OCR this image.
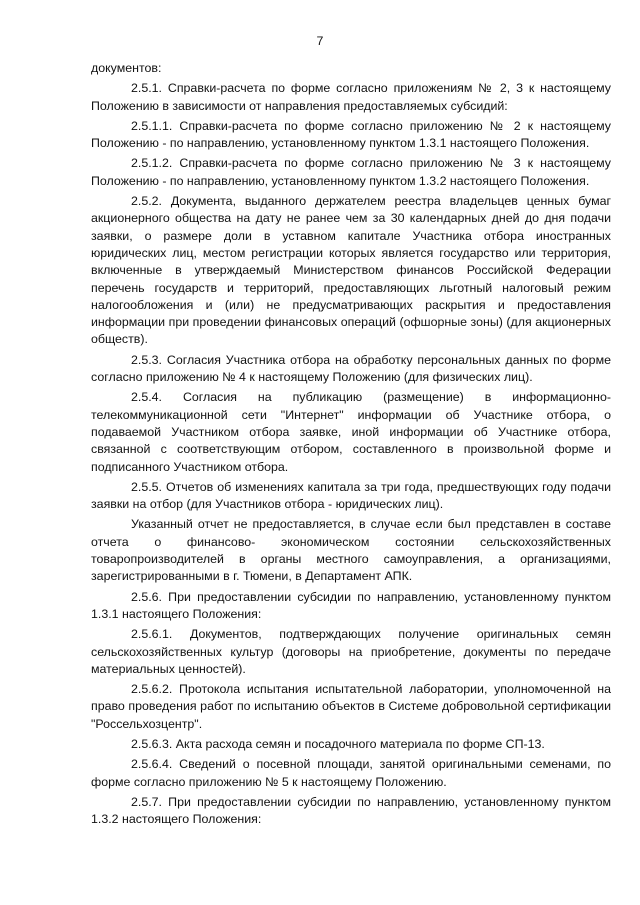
7

документов:

2.5.1. Справки-расчета по форме согласно приложениям № 2, 3 к настоящему Положению в зависимости от направления предоставляемых субсидий:

2.5.1.1. Справки-расчета по форме согласно приложению № 2 к настоящему Положению - по направлению, установленному пунктом 1.3.1 настоящего Положения.

2.5.1.2. Справки-расчета по форме согласно приложению № 3 к настоящему Положению - по направлению, установленному пунктом 1.3.2 настоящего Положения.

2.5.2. Документа, выданного держателем реестра владельцев ценных бумаг акционерного общества на дату не ранее чем за 30 календарных дней до дня подачи заявки, о размере доли в уставном капитале Участника отбора иностранных юридических лиц, местом регистрации которых является государство или территория, включенные в утверждаемый Министерством финансов Российской Федерации перечень государств и территорий, предоставляющих льготный налоговый режим налогообложения и (или) не предусматривающих раскрытия и предоставления информации при проведении финансовых операций (офшорные зоны) (для акционерных обществ).

2.5.3. Согласия Участника отбора на обработку персональных данных по форме согласно приложению № 4 к настоящему Положению (для физических лиц).

2.5.4. Согласия на публикацию (размещение) в информационно-телекоммуникационной сети "Интернет" информации об Участнике отбора, о подаваемой Участником отбора заявке, иной информации об Участнике отбора, связанной с соответствующим отбором, составленного в произвольной форме и подписанного Участником отбора.

2.5.5. Отчетов об изменениях капитала за три года, предшествующих году подачи заявки на отбор (для Участников отбора - юридических лиц).

Указанный отчет не предоставляется, в случае если был представлен в составе отчета о финансово- экономическом состоянии сельскохозяйственных товаропроизводителей в органы местного самоуправления, а организациями, зарегистрированными в г. Тюмени, в Департамент АПК.

2.5.6. При предоставлении субсидии по направлению, установленному пунктом 1.3.1 настоящего Положения:

2.5.6.1. Документов, подтверждающих получение оригинальных семян сельскохозяйственных культур (договоры на приобретение, документы по передаче материальных ценностей).

2.5.6.2. Протокола испытания испытательной лаборатории, уполномоченной на право проведения работ по испытанию объектов в Системе добровольной сертификации "Россельхозцентр".

2.5.6.3. Акта расхода семян и посадочного материала по форме СП-13.

2.5.6.4. Сведений о посевной площади, занятой оригинальными семенами, по форме согласно приложению № 5 к настоящему Положению.

2.5.7. При предоставлении субсидии по направлению, установленному пунктом 1.3.2 настоящего Положения:
